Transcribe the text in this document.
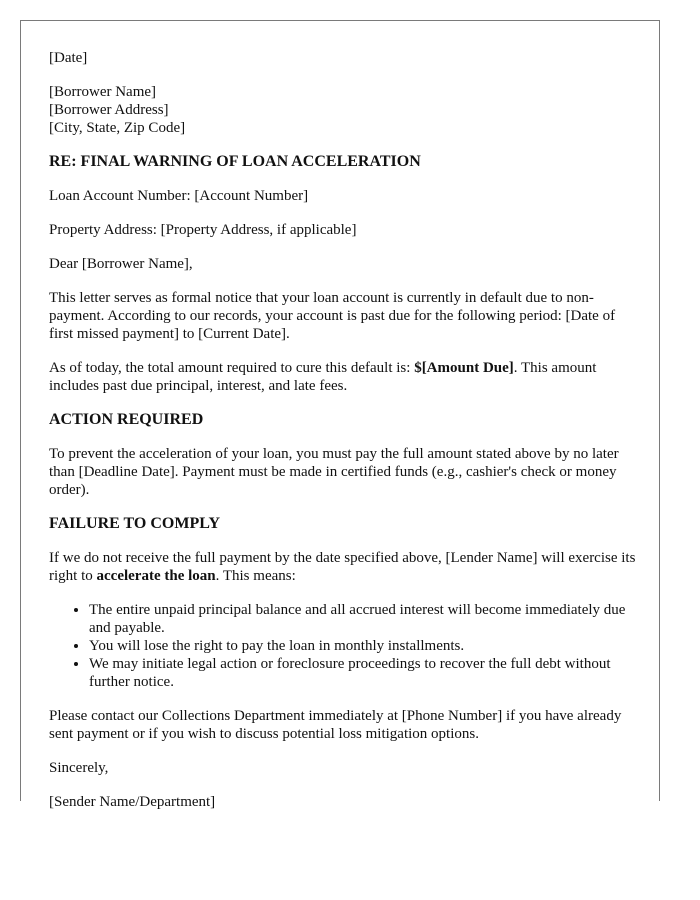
[Date]

[Borrower Name]
[Borrower Address]
[City, State, Zip Code]
RE: FINAL WARNING OF LOAN ACCELERATION

Loan Account Number: [Account Number]

Property Address: [Property Address, if applicable]

Dear [Borrower Name],

This letter serves as formal notice that your loan account is currently in default due to non-payment. According to our records, your account is past due for the following period: [Date of first missed payment] to [Current Date].

As of today, the total amount required to cure this default is: $[Amount Due]. This amount includes past due principal, interest, and late fees.

ACTION REQUIRED

To prevent the acceleration of your loan, you must pay the full amount stated above by no later than [Deadline Date]. Payment must be made in certified funds (e.g., cashier's check or money order).

FAILURE TO COMPLY

If we do not receive the full payment by the date specified above, [Lender Name] will exercise its right to accelerate the loan. This means:

• The entire unpaid principal balance and all accrued interest will become immediately due and payable.
• You will lose the right to pay the loan in monthly installments.
• We may initiate legal action or foreclosure proceedings to recover the full debt without further notice.

Please contact our Collections Department immediately at [Phone Number] if you have already sent payment or if you wish to discuss potential loss mitigation options.

Sincerely,

[Sender Name/Department]
